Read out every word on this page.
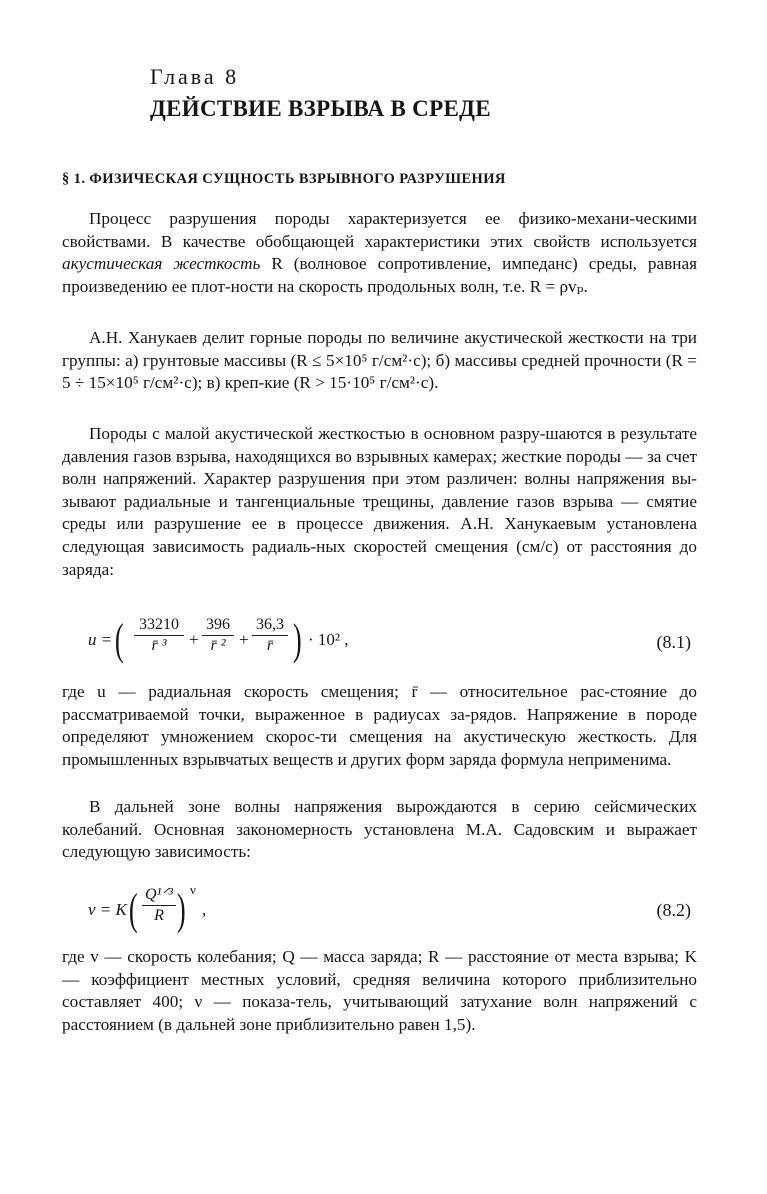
Глава 8
ДЕЙСТВИЕ ВЗРЫВА В СРЕДЕ
§ 1. ФИЗИЧЕСКАЯ СУЩНОСТЬ ВЗРЫВНОГО РАЗРУШЕНИЯ
Процесс разрушения породы характеризуется ее физико-механи-ческими свойствами. В качестве обобщающей характеристики этих свойств используется акустическая жесткость R (волновое сопротивление, импеданс) среды, равная произведению ее плот-ности на скорость продольных волн, т.е. R = ρvₚ.
А.Н. Ханукаев делит горные породы по величине акустической жесткости на три группы: а) грунтовые массивы (R ≤ 5×10⁵ г/см²·с); б) массивы средней прочности (R = 5 ÷ 15×10⁵ г/см²·с); в) креп-кие (R > 15·10⁵ г/см²·с).
Породы с малой акустической жесткостью в основном разру-шаются в результате давления газов взрыва, находящихся во взрывных камерах; жесткие породы — за счет волн напряжений. Характер разрушения при этом различен: волны напряжения вы-зывают радиальные и тангенциальные трещины, давление газов взрыва — смятие среды или разрушение ее в процессе движения. А.Н. Ханукаевым установлена следующая зависимость радиаль-ных скоростей смещения (см/с) от расстояния до заряда:
u = ( 33210
r̄ ³	+
396
r̄ ² +
36,3
r̄ ) · 10² ,	(8.1)
где u — радиальная скорость смещения; r̄ — относительное рас-стояние до рассматриваемой точки, выраженное в радиусах за-рядов. Напряжение в породе определяют умножением скорос-ти смещения на акустическую жесткость. Для промышленных взрывчатых веществ и других форм заряда формула неприменима.
В дальней зоне волны напряжения вырождаются в серию сейсмических колебаний. Основная закономерность установлена М.А. Садовским и выражает следующую зависимость:
v = K ( Q¹ᐟ³
R ) ν
,	(8.2)
где v — скорость колебания; Q — масса заряда; R — расстояние от места взрыва; K — коэффициент местных условий, средняя величина которого приблизительно составляет 400; ν — показа-тель, учитывающий затухание волн напряжений с расстоянием (в дальней зоне приблизительно равен 1,5).
